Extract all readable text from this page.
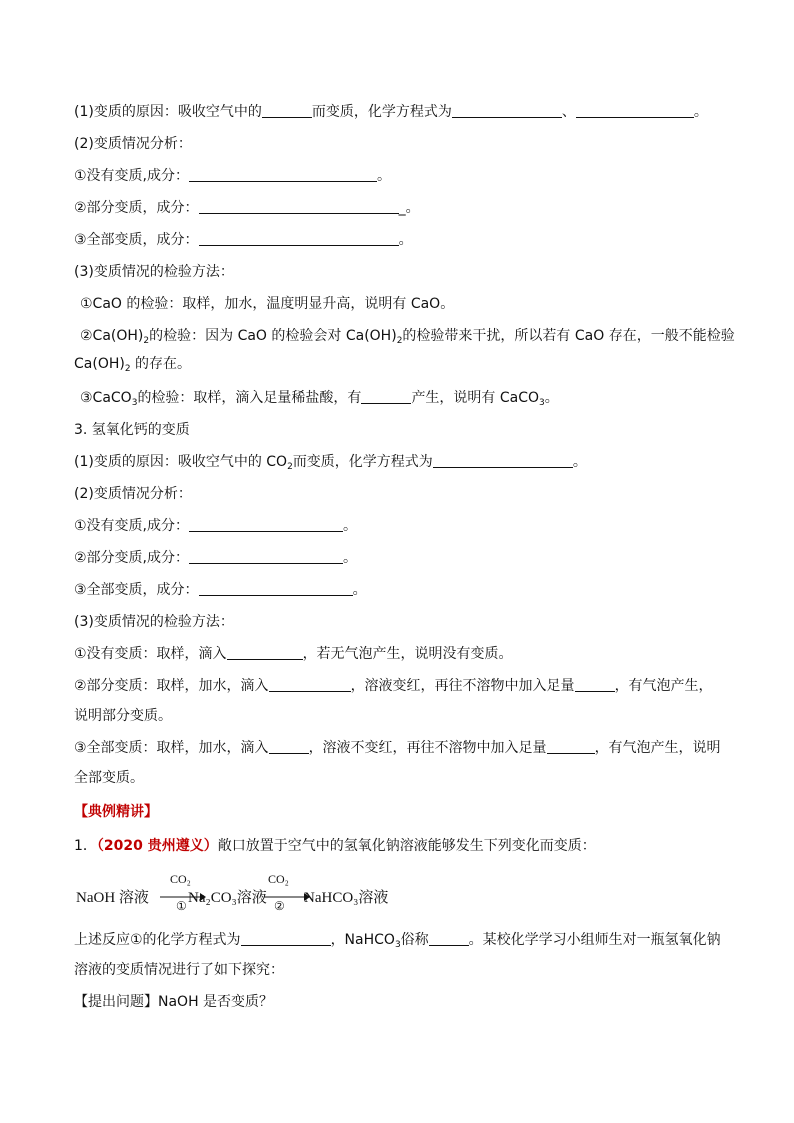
(1)变质的原因：吸收空气中的	而变质，化学方程式为	、	。
(2)变质情况分析：
①没有变质,成分：	。
②部分变质，成分：	_。
③全部变质，成分：	。
(3)变质情况的检验方法：
①CaO 的检验：取样，加水，温度明显升高，说明有 CaO。
$②Ca(OH)_2$的检验：因为 CaO 的检验会对 $Ca(OH)_2$的检验带来干扰，所以若有 CaO 存在，一般不能检验
$Ca(OH)_2$ 的存在。
③CaCO$_3$的检验：取样，滴入足量稀盐酸，有	产生，说明有 CaCO$_3$。
3. 氢氧化钙的变质
(1)变质的原因：吸收空气中的 $CO_2$而变质，化学方程式为	。
(2)变质情况分析：
①没有变质,成分：	。
②部分变质,成分：	。
③全部变质，成分：	。
(3)变质情况的检验方法：
①没有变质：取样，滴入	，若无气泡产生，说明没有变质。
②部分变质：取样，加水，滴入	，溶液变红，再往不溶物中加入足量	，有气泡产生，
说明部分变质。
③全部变质：取样，加水，滴入	，溶液不变红，再往不溶物中加入足量	，有气泡产生，说明
全部变质。
【典例精讲】
1．（2020 贵州遵义）敞口放置于空气中的氢氧化钠溶液能够发生下列变化而变质：
NaOH 溶液
CO₂
① Na₂CO₃溶液
CO₂
② NaHCO₃溶液
上述反应①的化学方程式为	，NaHCO$_3$俗称	。某校化学学习小组师生对一瓶氢氧化钠
溶液的变质情况进行了如下探究：
【提出问题】NaOH 是否变质？
